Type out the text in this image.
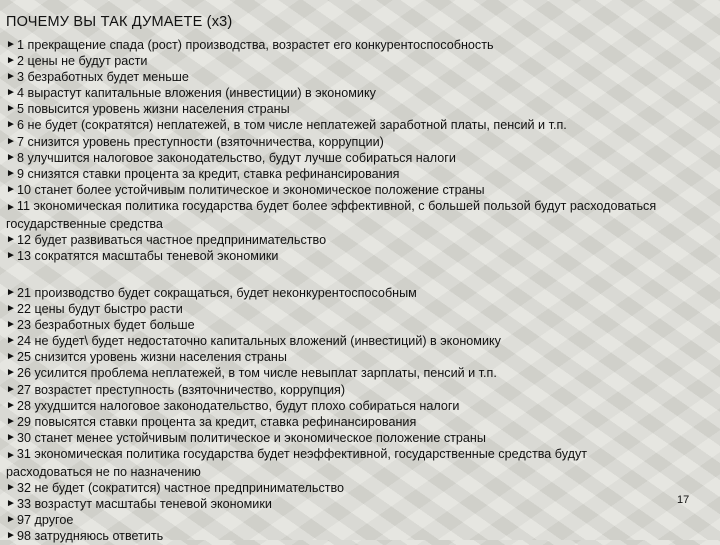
ПОЧЕМУ ВЫ ТАК ДУМАЕТЕ (х3)
► 1 прекращение спада (рост) производства, возрастет его конкурентоспособность
► 2 цены не будут расти
► 3 безработных будет меньше
► 4 вырастут капитальные вложения (инвестиции) в экономику
► 5 повысится уровень жизни населения страны
► 6 не будет (сократятся) неплатежей, в том числе неплатежей заработной платы, пенсий и т.п.
► 7 снизится уровень преступности (взяточничества, коррупции)
► 8 улучшится налоговое законодательство, будут лучше собираться налоги
► 9 снизятся ставки процента за кредит, ставка рефинансирования
► 10 станет более устойчивым политическое и экономическое положение страны
►11 экономическая политика государства будет более эффективной, с большей пользой будут расходоваться государственные средства
► 12 будет развиваться частное предпринимательство
► 13 сократятся масштабы теневой экономики
► 21 производство будет сокращаться, будет неконкурентоспособным
► 22 цены будут быстро расти
► 23 безработных будет больше
► 24 не будет\ будет недостаточно капитальных вложений (инвестиций) в экономику
► 25 снизится уровень жизни населения страны
► 26 усилится проблема неплатежей, в том числе невыплат зарплаты, пенсий и т.п.
► 27 возрастет преступность (взяточничество, коррупция)
► 28 ухудшится налоговое законодательство, будут плохо собираться налоги
► 29 повысятся ставки процента за кредит, ставка рефинансирования
► 30 станет менее устойчивым политическое и экономическое положение страны
►31 экономическая политика государства будет неэффективной, государственные средства будут расходоваться не по назначению
► 32 не будет (сократится) частное предпринимательство
► 33 возрастут масштабы теневой экономики
► 97 другое
► 98 затрудняюсь ответить
17
